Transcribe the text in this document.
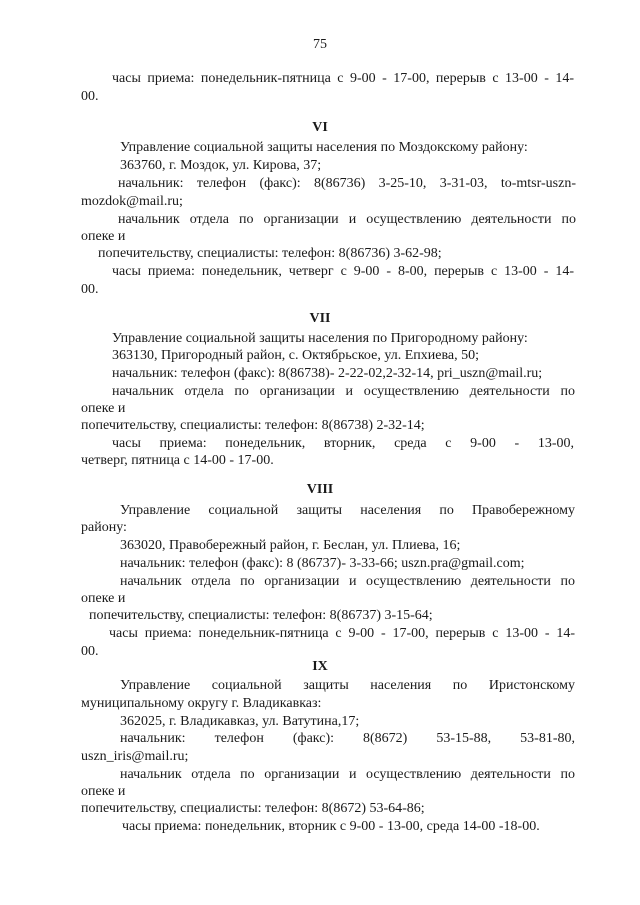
75
часы приема: понедельник-пятница с 9-00 - 17-00, перерыв с 13-00 - 14-
00.
VI
Управление социальной защиты населения по Моздокскому району:
363760, г. Моздок, ул. Кирова, 37;
начальник: телефон (факс): 8(86736) 3-25-10, 3-31-03, to-mtsr-uszn-
mozdok@mail.ru;
начальник отдела по организации и осуществлению деятельности по
опеке и
попечительству, специалисты: телефон: 8(86736) 3-62-98;
часы приема: понедельник, четверг с 9-00 - 8-00, перерыв с 13-00 - 14-
00.
VII
Управление социальной защиты населения по Пригородному району:
363130, Пригородный район, с. Октябрьское, ул. Епхиева, 50;
начальник: телефон (факс): 8(86738)- 2-22-02,2-32-14, pri_uszn@mail.ru;
начальник отдела по организации и осуществлению деятельности по
опеке и
попечительству, специалисты: телефон: 8(86738) 2-32-14;
часы приема: понедельник, вторник, среда с 9-00 - 13-00,
четверг, пятница с 14-00 - 17-00.
VIII
Управление социальной защиты населения по Правобережному
району:
363020, Правобережный район, г. Беслан, ул. Плиева, 16;
начальник: телефон (факс): 8 (86737)- 3-33-66; uszn.pra@gmail.com;
начальник отдела по организации и осуществлению деятельности по
опеке и
попечительству, специалисты: телефон: 8(86737) 3-15-64;
часы приема: понедельник-пятница с 9-00 - 17-00, перерыв с 13-00 - 14-
00.
IX
Управление социальной защиты населения по Иристонскому
муниципальному округу г. Владикавказ:
362025, г. Владикавказ, ул. Ватутина,17;
начальник: телефон (факс): 8(8672) 53-15-88, 53-81-80,
uszn_iris@mail.ru;
начальник отдела по организации и осуществлению деятельности по
опеке и
попечительству, специалисты: телефон: 8(8672) 53-64-86;
часы приема: понедельник, вторник с 9-00 - 13-00, среда 14-00 -18-00.
